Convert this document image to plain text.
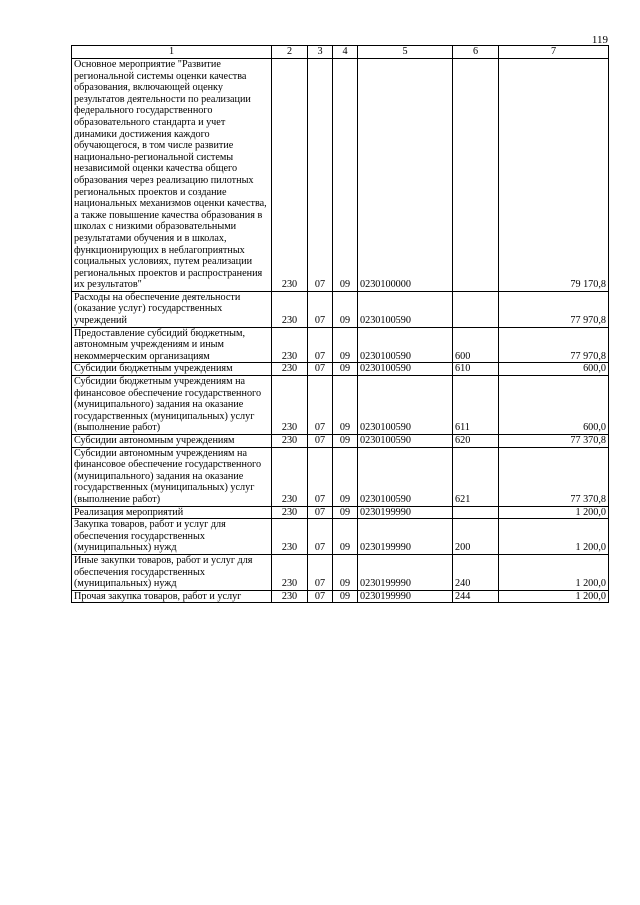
119
1	2	3	4	5	6	7
Основное мероприятие "Развитие региональной системы оценки качества образования, включающей оценку результатов деятельности по реализации федерального государственного образовательного стандарта и учет динамики достижения каждого обучающегося, в том числе развитие национально-региональной системы независимой оценки качества общего образования через реализацию пилотных региональных проектов и создание национальных механизмов оценки качества, а также повышение качества образования в школах с низкими образовательными результатами обучения и в школах, функционирующих в неблагоприятных социальных условиях, путем реализации региональных проектов и распространения их результатов"	230	07	09	0230100000		79 170,8
Расходы на обеспечение деятельности (оказание услуг) государственных учреждений	230	07	09	0230100590		77 970,8
Предоставление субсидий бюджетным, автономным учреждениям и иным некоммерческим организациям	230	07	09	0230100590	600	77 970,8
Субсидии бюджетным учреждениям	230	07	09	0230100590	610	600,0
Субсидии бюджетным учреждениям на финансовое обеспечение государственного (муниципального) задания на оказание государственных (муниципальных) услуг (выполнение работ)	230	07	09	0230100590	611	600,0
Субсидии автономным учреждениям	230	07	09	0230100590	620	77 370,8
Субсидии автономным учреждениям на финансовое обеспечение государственного (муниципального) задания на оказание государственных (муниципальных) услуг (выполнение работ)	230	07	09	0230100590	621	77 370,8
Реализация мероприятий	230	07	09	0230199990		1 200,0
Закупка товаров, работ и услуг для обеспечения государственных (муниципальных) нужд	230	07	09	0230199990	200	1 200,0
Иные закупки товаров, работ и услуг для обеспечения государственных (муниципальных) нужд	230	07	09	0230199990	240	1 200,0
Прочая закупка товаров, работ и услуг	230	07	09	0230199990	244	1 200,0
